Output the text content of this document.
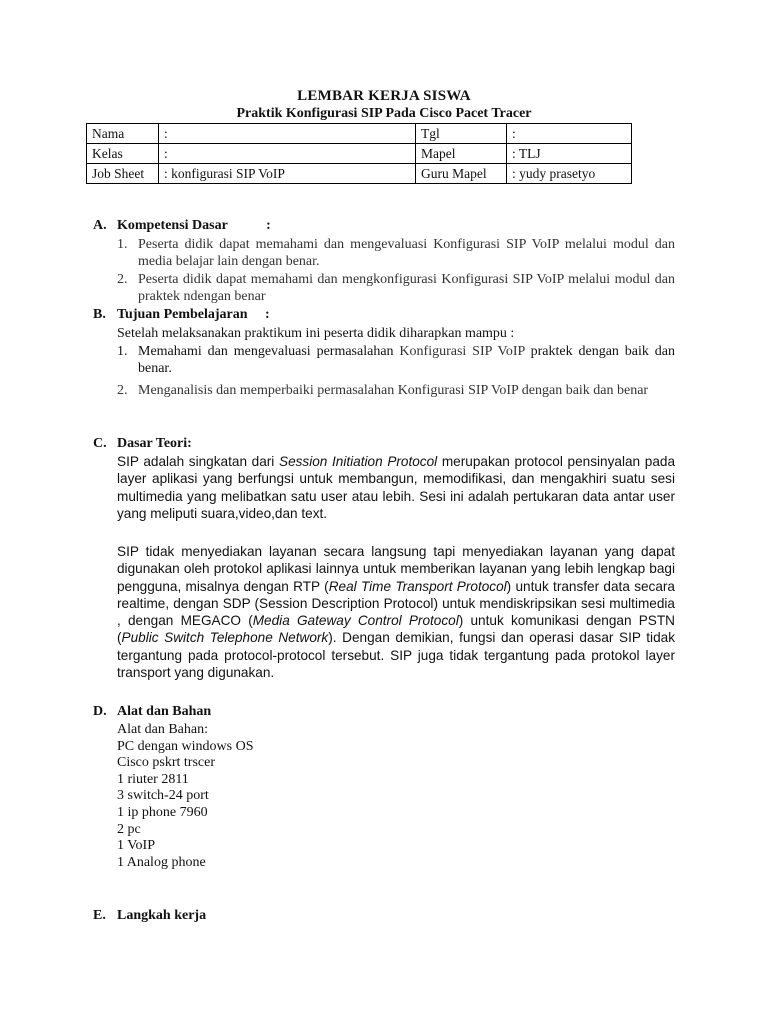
LEMBAR KERJA SISWA
Praktik Konfigurasi SIP Pada Cisco Pacet Tracer
Nama	:	Tgl	:
Kelas	:	Mapel	: TLJ
Job Sheet	: konfigurasi SIP VoIP	Guru Mapel	: yudy prasetyo
A. Kompetensi Dasar           :
1. Peserta didik dapat memahami dan mengevaluasi Konfigurasi SIP VoIP melalui modul dan media belajar lain dengan benar.
2. Peserta didik dapat memahami dan mengkonfigurasi Konfigurasi SIP VoIP melalui modul dan praktek ndengan benar
B. Tujuan Pembelajaran     :
Setelah melaksanakan praktikum ini peserta didik diharapkan mampu :
1. Memahami dan mengevaluasi permasalahan Konfigurasi SIP VoIP praktek dengan baik dan benar.
2. Menganalisis dan memperbaiki permasalahan Konfigurasi SIP VoIP dengan baik dan benar
C. Dasar Teori:
SIP adalah singkatan dari Session Initiation Protocol merupakan protocol pensinyalan pada layer aplikasi yang berfungsi untuk membangun, memodifikasi, dan mengakhiri suatu sesi multimedia yang melibatkan satu user atau lebih. Sesi ini adalah pertukaran data antar user yang meliputi suara,video,dan text.
SIP tidak menyediakan layanan secara langsung tapi menyediakan layanan yang dapat digunakan oleh protokol aplikasi lainnya untuk memberikan layanan yang lebih lengkap bagi pengguna, misalnya dengan RTP (Real Time Transport Protocol) untuk transfer data secara realtime, dengan SDP (Session Description Protocol) untuk mendiskripsikan sesi multimedia , dengan MEGACO (Media Gateway Control Protocol) untuk komunikasi dengan PSTN (Public Switch Telephone Network). Dengan demikian, fungsi dan operasi dasar SIP tidak tergantung pada protocol-protocol tersebut. SIP juga tidak tergantung pada protokol layer transport yang digunakan.
D. Alat dan Bahan
Alat dan Bahan:
PC dengan windows OS
Cisco pskrt trscer
1 riuter 2811
3 switch-24 port
1 ip phone 7960
2 pc
1 VoIP
1 Analog phone
E. Langkah kerja
